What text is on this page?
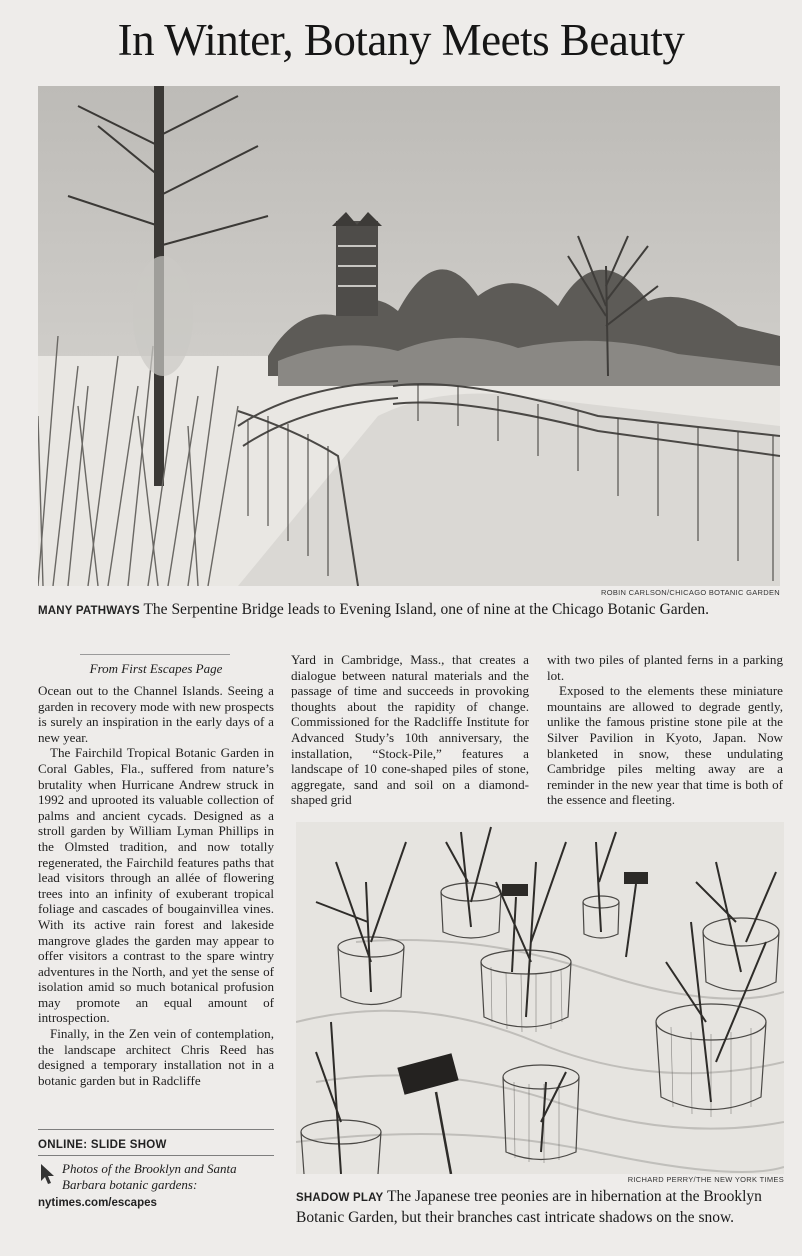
In Winter, Botany Meets Beauty
ROBIN CARLSON/CHICAGO BOTANIC GARDEN
MANY PATHWAYS The Serpentine Bridge leads to Evening Island, one of nine at the Chicago Botanic Garden.
From First Escapes Page

Ocean out to the Channel Islands. Seeing a garden in recovery mode with new prospects is surely an inspiration in the early days of a new year.

The Fairchild Tropical Botanic Garden in Coral Gables, Fla., suffered from nature’s brutality when Hurricane Andrew struck in 1992 and uprooted its valuable collection of palms and ancient cycads. Designed as a stroll garden by William Lyman Phillips in the Olmsted tradition, and now totally regenerated, the Fairchild features paths that lead visitors through an allée of flowering trees into an infinity of exuberant tropical foliage and cascades of bougainvillea vines. With its active rain forest and lakeside mangrove glades the garden may appear to offer visitors a contrast to the spare wintry adventures in the North, and yet the sense of isolation amid so much botanical profusion may promote an equal amount of introspection.

Finally, in the Zen vein of contemplation, the landscape architect Chris Reed has designed a temporary installation not in a botanic garden but in Radcliffe

Yard in Cambridge, Mass., that creates a dialogue between natural materials and the passage of time and succeeds in provoking thoughts about the rapidity of change. Commissioned for the Radcliffe Institute for Advanced Study’s 10th anniversary, the installation, “Stock-Pile,” features a landscape of 10 cone-shaped piles of stone, aggregate, sand and soil on a diamond-shaped grid

with two piles of planted ferns in a parking lot.

Exposed to the elements these miniature mountains are allowed to degrade gently, unlike the famous pristine stone pile at the Silver Pavilion in Kyoto, Japan. Now blanketed in snow, these undulating Cambridge piles melting away are a reminder in the new year that time is both of the essence and fleeting.

ONLINE: SLIDE SHOW
Photos of the Brooklyn and Santa Barbara botanic gardens:
nytimes.com/escapes
RICHARD PERRY/THE NEW YORK TIMES
SHADOW PLAY The Japanese tree peonies are in hibernation at the Brooklyn Botanic Garden, but their branches cast intricate shadows on the snow.
